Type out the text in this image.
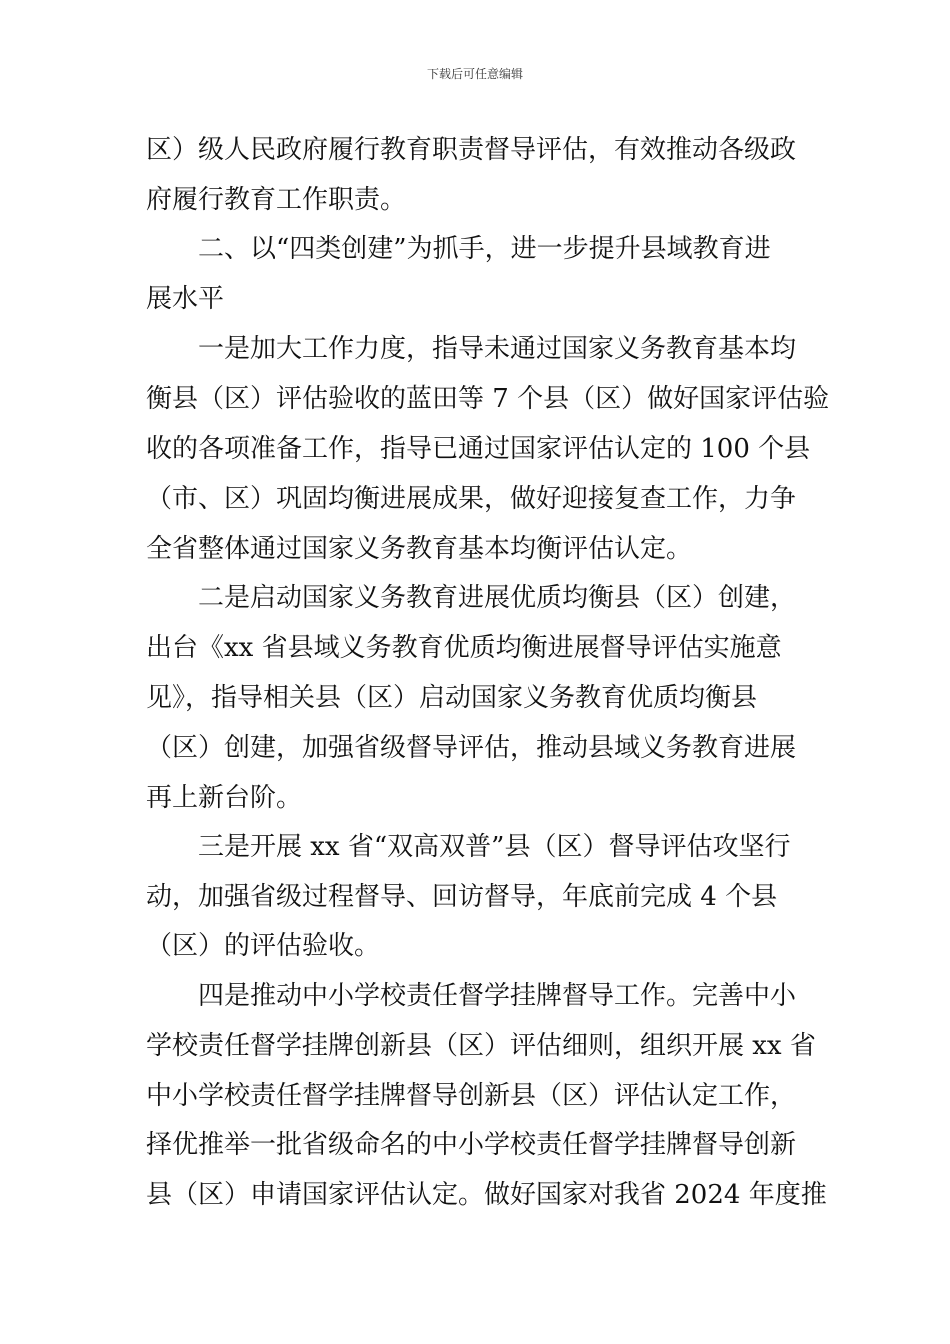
下载后可任意编辑
区）级人民政府履行教育职责督导评估，有效推动各级政
府履行教育工作职责。
二、以“四类创建”为抓手，进一步提升县域教育进
展水平
一是加大工作力度，指导未通过国家义务教育基本均
衡县（区）评估验收的蓝田等 7 个县（区）做好国家评估验
收的各项准备工作，指导已通过国家评估认定的 100 个县
（市、区）巩固均衡进展成果，做好迎接复查工作，力争
全省整体通过国家义务教育基本均衡评估认定。
二是启动国家义务教育进展优质均衡县（区）创建，
出台《xx 省县域义务教育优质均衡进展督导评估实施意
见》，指导相关县（区）启动国家义务教育优质均衡县
（区）创建，加强省级督导评估，推动县域义务教育进展
再上新台阶。
三是开展 xx 省“双高双普”县（区）督导评估攻坚行
动，加强省级过程督导、回访督导，年底前完成 4 个县
（区）的评估验收。
四是推动中小学校责任督学挂牌督导工作。完善中小
学校责任督学挂牌创新县（区）评估细则，组织开展 xx 省
中小学校责任督学挂牌督导创新县（区）评估认定工作，
择优推举一批省级命名的中小学校责任督学挂牌督导创新
县（区）申请国家评估认定。做好国家对我省 2024 年度推
